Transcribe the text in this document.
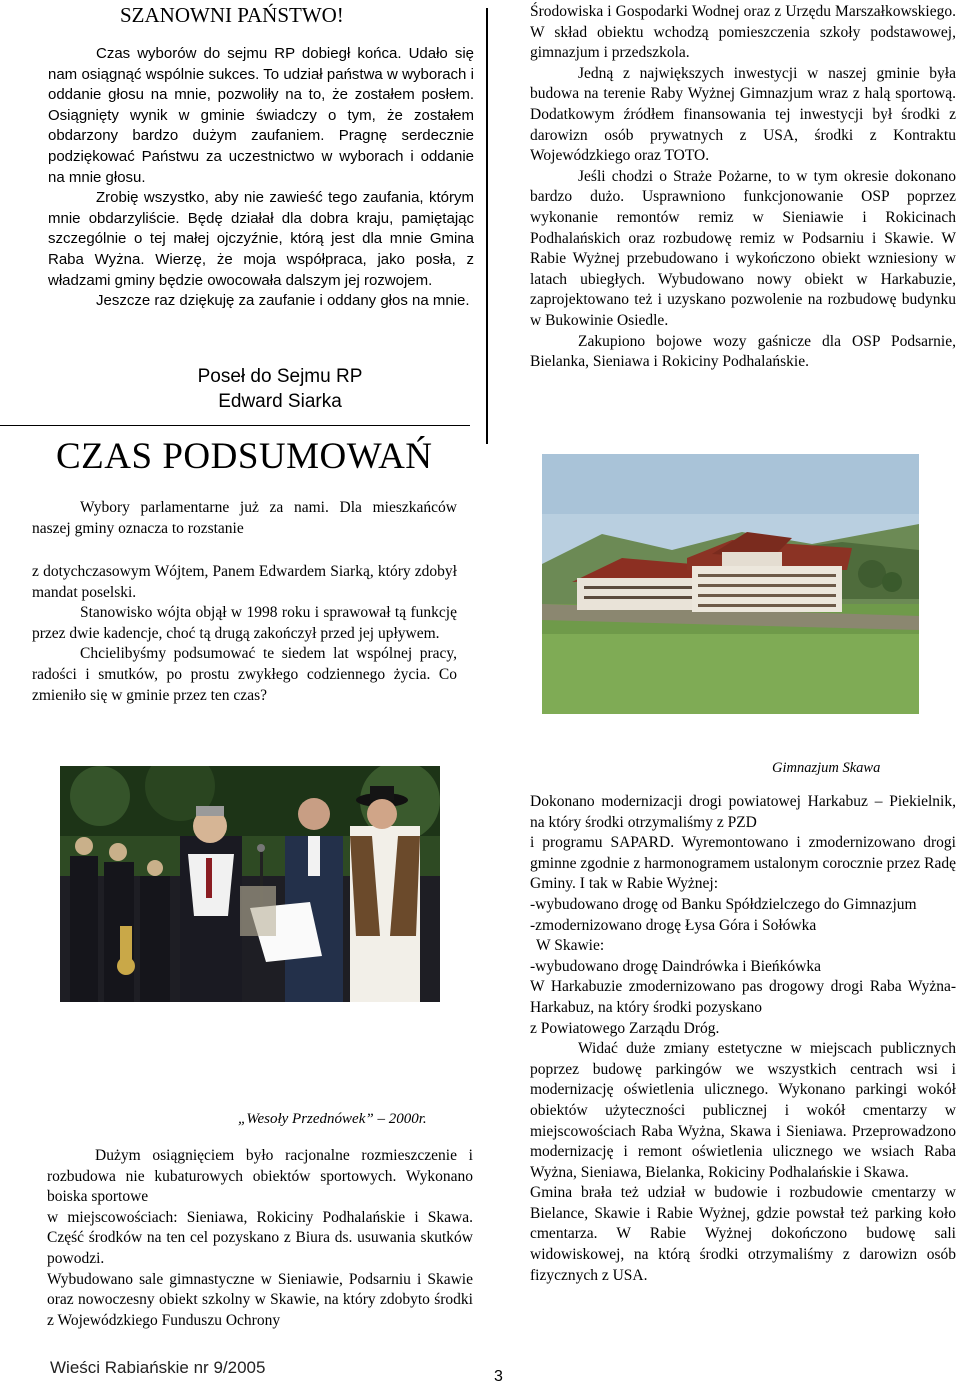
SZANOWNI PAŃSTWO!

Czas wyborów do sejmu RP dobiegł końca. Udało się nam osiągnąć wspólnie sukces. To udział państwa w wyborach i oddanie głosu na mnie, pozwoliły na to, że zostałem posłem. Osiągnięty wynik w gminie świadczy o tym, że zostałem obdarzony bardzo dużym zaufaniem. Pragnę serdecznie podziękować Państwu za uczestnictwo w wyborach i oddanie na mnie głosu.

Zrobię wszystko, aby nie zawieść tego zaufania, którym mnie obdarzyliście. Będę działał dla dobra kraju, pamiętając szczególnie o tej małej ojczyźnie, którą jest dla mnie Gmina Raba Wyżna. Wierzę, że moja współpraca, jako posła, z władzami gminy będzie owocowała dalszym jej rozwojem.

Jeszcze raz dziękuję za zaufanie i oddany głos na mnie.

Poseł do Sejmu RP
Edward Siarka
CZAS PODSUMOWAŃ

Wybory parlamentarne już za nami. Dla mieszkańców naszej gminy oznacza to rozstanie

z dotychczasowym Wójtem, Panem Edwardem Siarką, który zdobył mandat poselski.

Stanowisko wójta objął w 1998 roku i sprawował tą funkcję przez dwie kadencje, choć tą drugą zakończył przed jej upływem.

Chcielibyśmy podsumować te siedem lat wspólnej pracy, radości i smutków, po prostu zwykłego codziennego życia. Co zmieniło się w gminie przez ten czas?

„Wesoły Przednówek” – 2000r.

Dużym osiągnięciem było racjonalne rozmieszczenie i rozbudowa nie kubaturowych obiektów sportowych. Wykonano boiska sportowe

w miejscowościach: Sieniawa, Rokiciny Podhalańskie i Skawa. Część środków na ten cel pozyskano z Biura ds. usuwania skutków powodzi.

Wybudowano sale gimnastyczne w Sieniawie, Podsarniu i Skawie oraz nowoczesny obiekt szkolny w Skawie, na który zdobyto środki z Wojewódzkiego Funduszu Ochrony

Środowiska i Gospodarki Wodnej oraz z Urzędu Marszałkowskiego. W skład obiektu wchodzą pomieszczenia szkoły podstawowej, gimnazjum i przedszkola.

Jedną z największych inwestycji w naszej gminie była budowa na terenie Raby Wyżnej Gimnazjum wraz z halą sportową. Dodatkowym źródłem finansowania tej inwestycji był środki z darowizn osób prywatnych z USA, środki z Kontraktu Wojewódzkiego oraz TOTO.

Jeśli chodzi o Straże Pożarne, to w tym okresie dokonano bardzo dużo. Usprawniono funkcjonowanie OSP poprzez wykonanie remontów remiz w Sieniawie i Rokicinach Podhalańskich oraz rozbudowę remiz w Podsarniu i Skawie. W Rabie Wyżnej przebudowano i wykończono obiekt wzniesiony w latach ubiegłych. Wybudowano nowy obiekt w Harkabuzie, zaprojektowano też i uzyskano pozwolenie na rozbudowę budynku w Bukowinie Osiedle.

Zakupiono bojowe wozy gaśnicze dla OSP Podsarnie, Bielanka, Sieniawa i Rokiciny Podhalańskie.

Gimnazjum Skawa

Dokonano modernizacji drogi powiatowej Harkabuz – Piekielnik, na który środki otrzymaliśmy z PZD

i programu SAPARD. Wyremontowano i zmodernizowano drogi gminne zgodnie z harmonogramem ustalonym corocznie przez Radę Gminy. I tak w Rabie Wyżnej:

-wybudowano drogę od Banku Spółdzielczego do Gimnazjum

-zmodernizowano drogę Łysa Góra i Sołówka

W Skawie:

-wybudowano drogę Daindrówka i Bieńkówka

W Harkabuzie zmodernizowano pas drogowy drogi Raba Wyżna- Harkabuz, na który środki pozyskano

z Powiatowego Zarządu Dróg.

Widać duże zmiany estetyczne w miejscach publicznych poprzez budowę parkingów we wszystkich centrach wsi i modernizację oświetlenia ulicznego. Wykonano parkingi wokół obiektów użyteczności publicznej i wokół cmentarzy w miejscowościach Raba Wyżna, Skawa i Sieniawa. Przeprowadzono modernizację i remont oświetlenia ulicznego we wsiach Raba Wyżna, Sieniawa, Bielanka, Rokiciny Podhalańskie i Skawa.

Gmina brała też udział w budowie i rozbudowie cmentarzy w Bielance, Skawie i Rabie Wyżnej, gdzie powstał też parking koło cmentarza. W Rabie Wyżnej dokończono budowę sali widowiskowej, na którą środki otrzymaliśmy z darowizn osób fizycznych z USA.

Wieści Rabiańskie nr 9/2005	3
